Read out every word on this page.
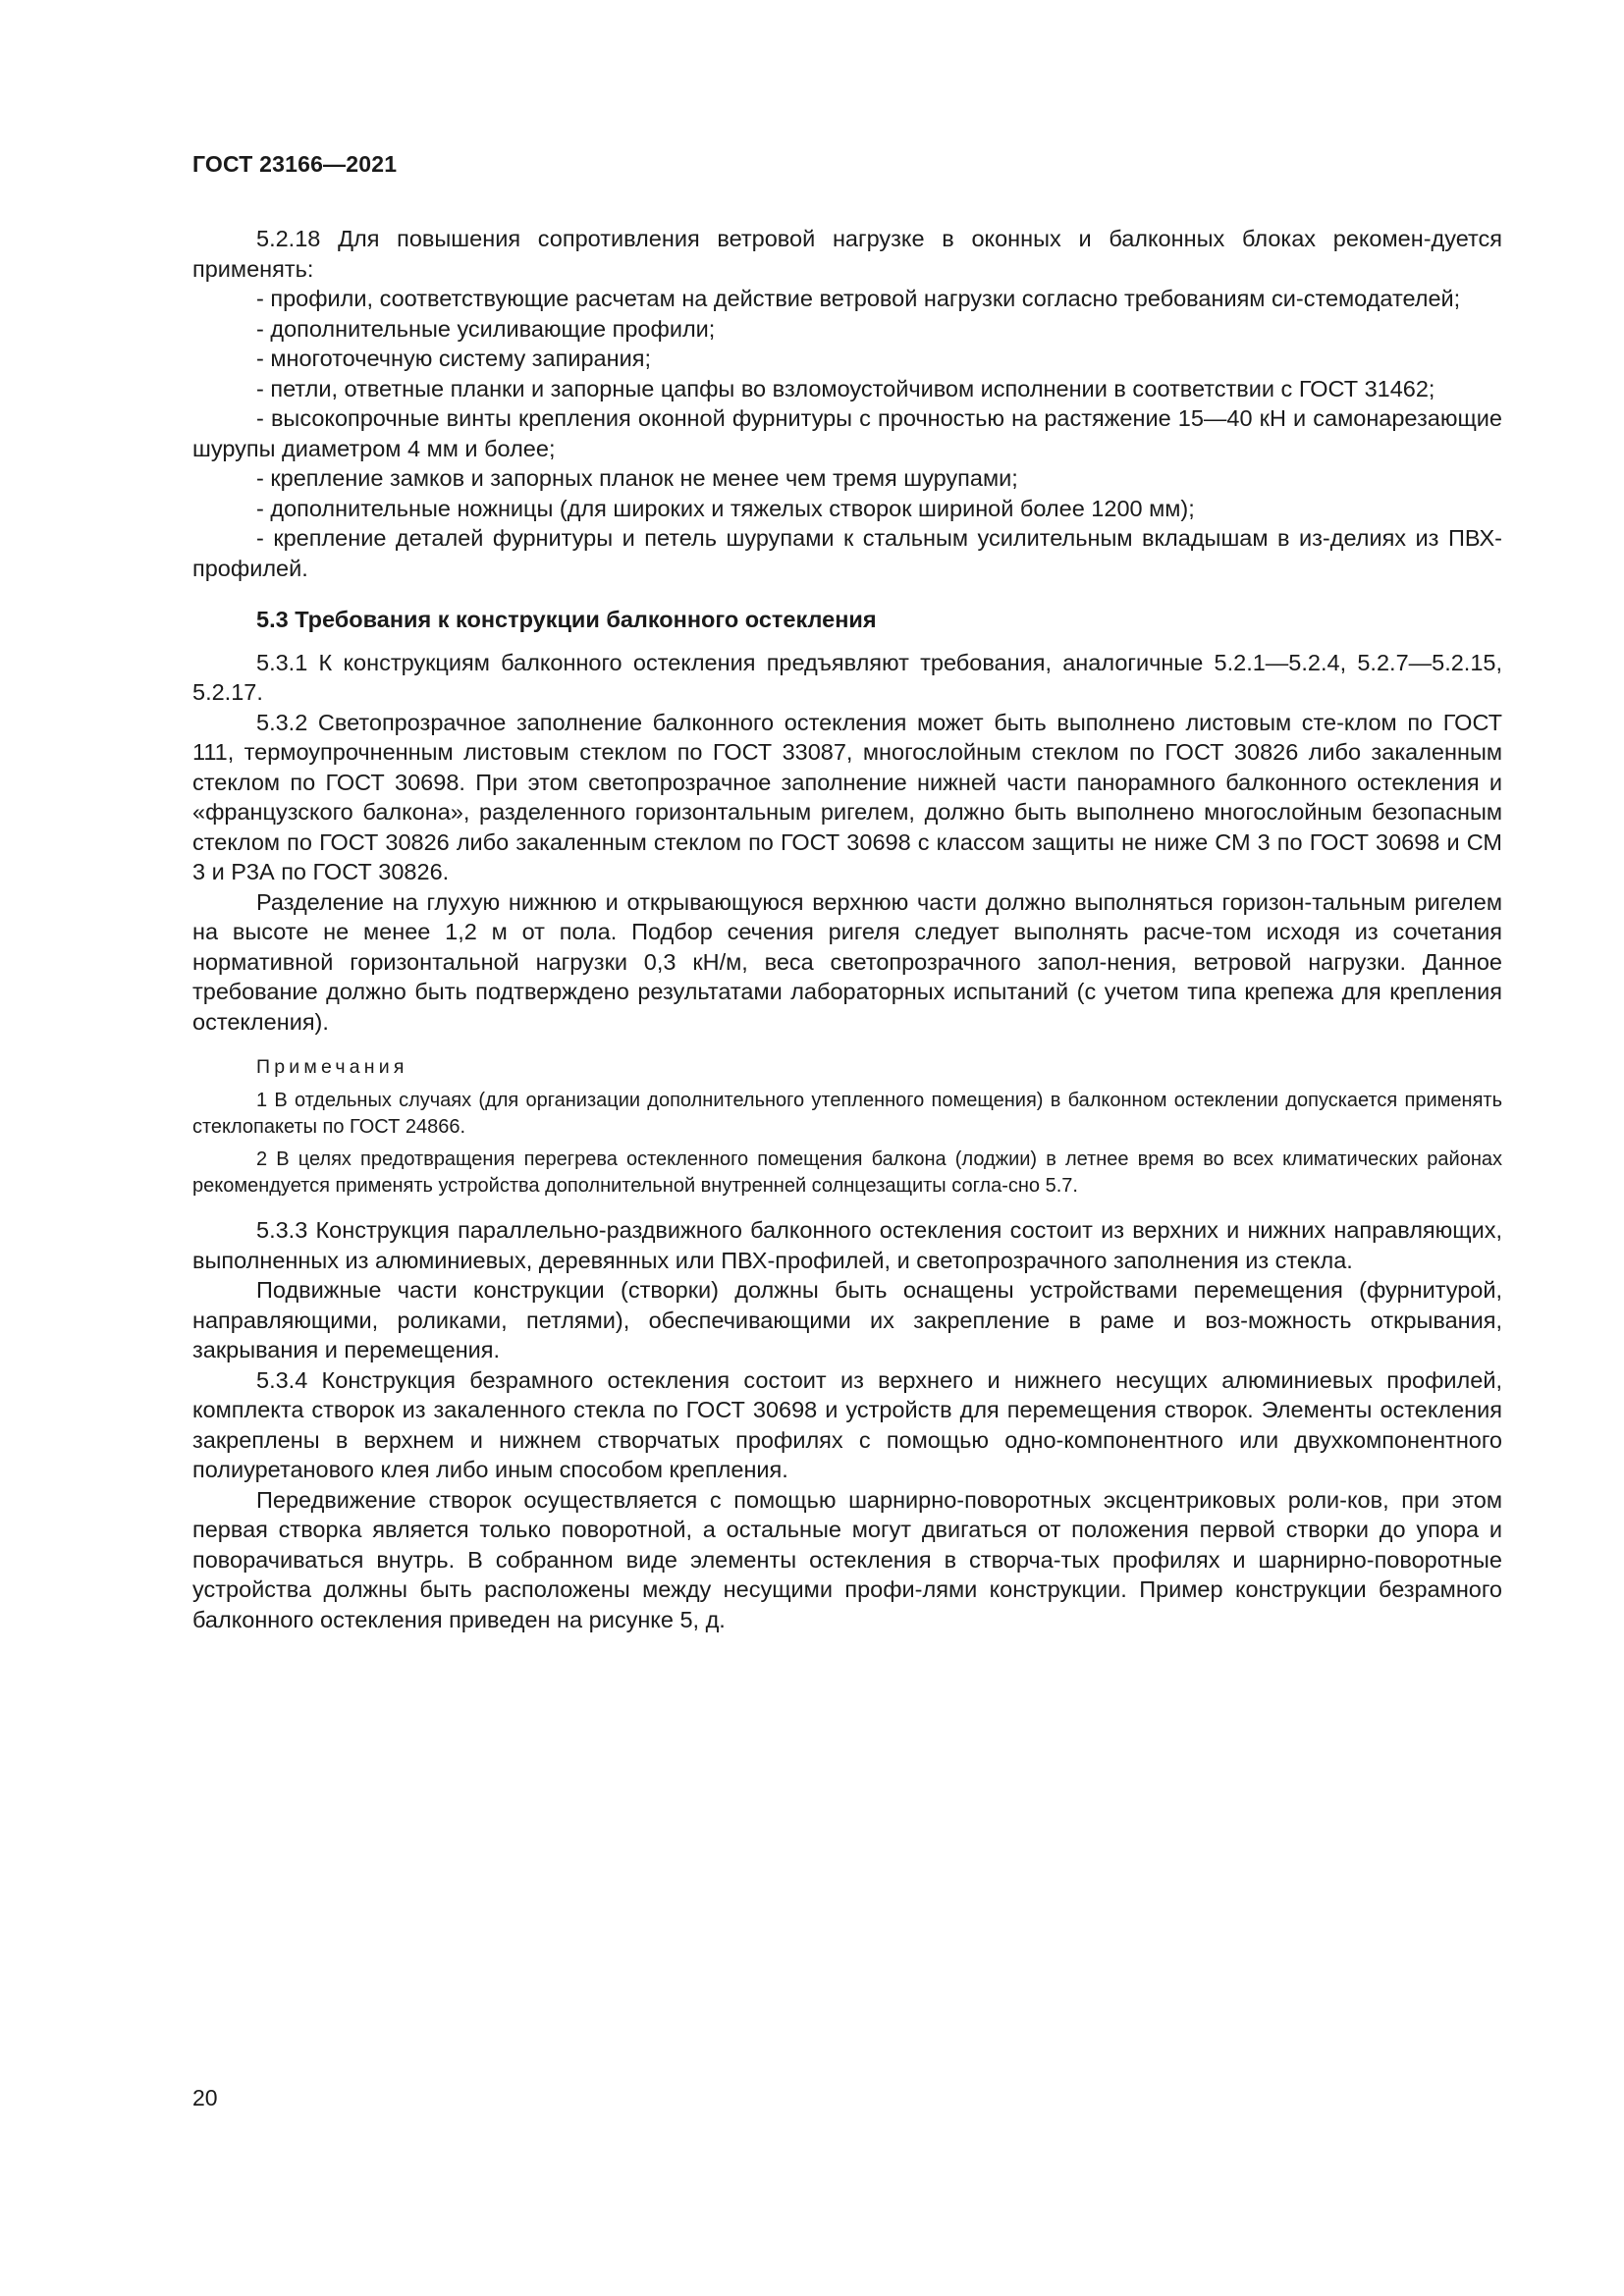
ГОСТ 23166—2021

5.2.18 Для повышения сопротивления ветровой нагрузке в оконных и балконных блоках рекомен-дуется применять:

- профили, соответствующие расчетам на действие ветровой нагрузки согласно требованиям си-стемодателей;

- дополнительные усиливающие профили;

- многоточечную систему запирания;

- петли, ответные планки и запорные цапфы во взломоустойчивом исполнении в соответствии с ГОСТ 31462;

- высокопрочные винты крепления оконной фурнитуры с прочностью на растяжение 15—40 кН и самонарезающие шурупы диаметром 4 мм и более;

- крепление замков и запорных планок не менее чем тремя шурупами;

- дополнительные ножницы (для широких и тяжелых створок шириной более 1200 мм);

- крепление деталей фурнитуры и петель шурупами к стальным усилительным вкладышам в из-делиях из ПВХ-профилей.

5.3 Требования к конструкции балконного остекления

5.3.1 К конструкциям балконного остекления предъявляют требования, аналогичные 5.2.1—5.2.4, 5.2.7—5.2.15, 5.2.17.

5.3.2 Светопрозрачное заполнение балконного остекления может быть выполнено листовым сте-клом по ГОСТ 111, термоупрочненным листовым стеклом по ГОСТ 33087, многослойным стеклом по ГОСТ 30826 либо закаленным стеклом по ГОСТ 30698. При этом светопрозрачное заполнение нижней части панорамного балконного остекления и «французского балкона», разделенного горизонтальным ригелем, должно быть выполнено многослойным безопасным стеклом по ГОСТ 30826 либо закаленным стеклом по ГОСТ 30698 с классом защиты не ниже СМ 3 по ГОСТ 30698 и СМ 3 и Р3А по ГОСТ 30826.

Разделение на глухую нижнюю и открывающуюся верхнюю части должно выполняться горизон-тальным ригелем на высоте не менее 1,2 м от пола. Подбор сечения ригеля следует выполнять расче-том исходя из сочетания нормативной горизонтальной нагрузки 0,3 кН/м, веса светопрозрачного запол-нения, ветровой нагрузки. Данное требование должно быть подтверждено результатами лабораторных испытаний (с учетом типа крепежа для крепления остекления).

Примечания

1 В отдельных случаях (для организации дополнительного утепленного помещения) в балконном остеклении допускается применять стеклопакеты по ГОСТ 24866.

2 В целях предотвращения перегрева остекленного помещения балкона (лоджии) в летнее время во всех климатических районах рекомендуется применять устройства дополнительной внутренней солнцезащиты согла-сно 5.7.

5.3.3 Конструкция параллельно-раздвижного балконного остекления состоит из верхних и нижних направляющих, выполненных из алюминиевых, деревянных или ПВХ-профилей, и светопрозрачного заполнения из стекла.

Подвижные части конструкции (створки) должны быть оснащены устройствами перемещения (фурнитурой, направляющими, роликами, петлями), обеспечивающими их закрепление в раме и воз-можность открывания, закрывания и перемещения.

5.3.4 Конструкция безрамного остекления состоит из верхнего и нижнего несущих алюминиевых профилей, комплекта створок из закаленного стекла по ГОСТ 30698 и устройств для перемещения створок. Элементы остекления закреплены в верхнем и нижнем створчатых профилях с помощью одно-компонентного или двухкомпонентного полиуретанового клея либо иным способом крепления.

Передвижение створок осуществляется с помощью шарнирно-поворотных эксцентриковых роли-ков, при этом первая створка является только поворотной, а остальные могут двигаться от положения первой створки до упора и поворачиваться внутрь. В собранном виде элементы остекления в створча-тых профилях и шарнирно-поворотные устройства должны быть расположены между несущими профи-лями конструкции. Пример конструкции безрамного балконного остекления приведен на рисунке 5, д.

20
